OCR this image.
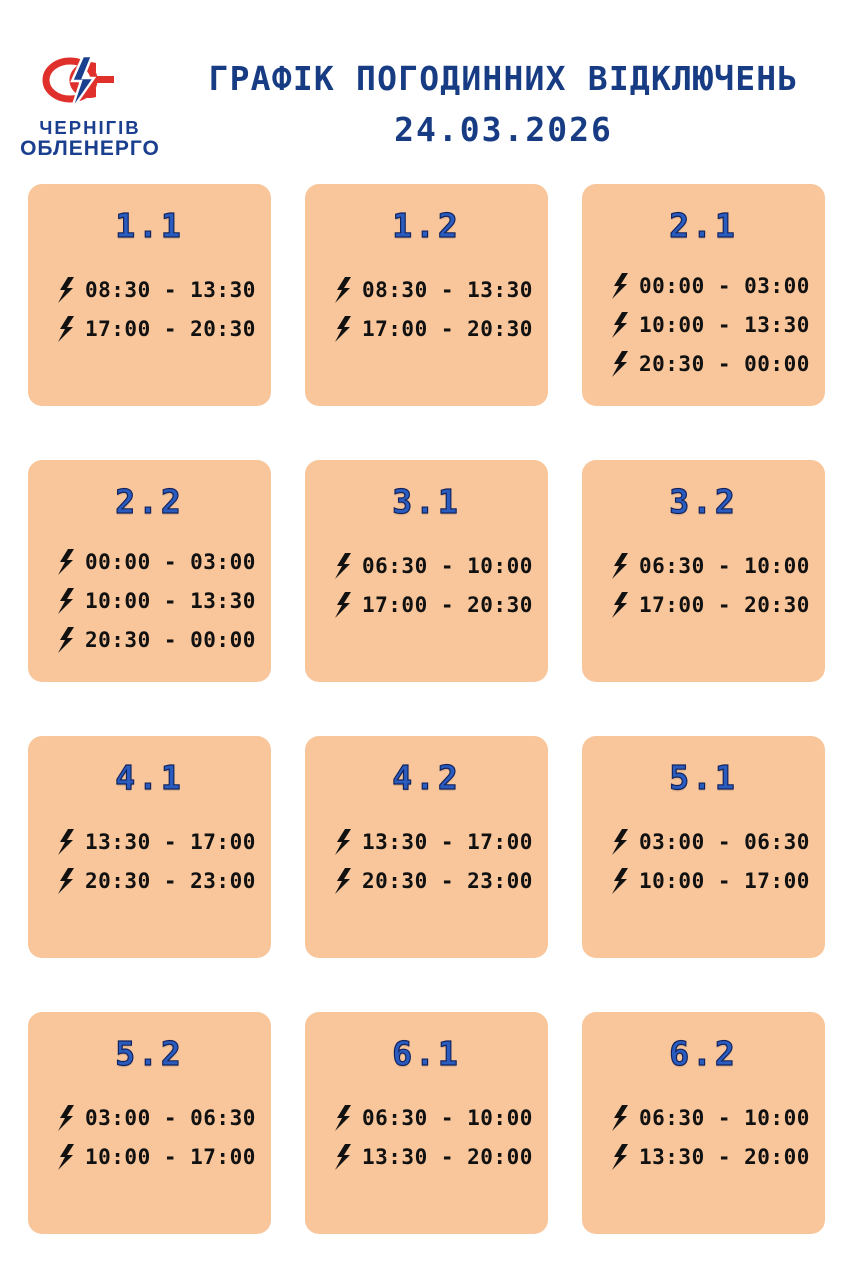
ЧЕРНІГІВ
ОБЛЕНЕРГО
ГРАФІК ПОГОДИННИХ ВІДКЛЮЧЕНЬ
24.03.2026
1.1
08:30 - 13:30
17:00 - 20:30
1.2
08:30 - 13:30
17:00 - 20:30
2.1
00:00 - 03:00
10:00 - 13:30
20:30 - 00:00
2.2
00:00 - 03:00
10:00 - 13:30
20:30 - 00:00
3.1
06:30 - 10:00
17:00 - 20:30
3.2
06:30 - 10:00
17:00 - 20:30
4.1
13:30 - 17:00
20:30 - 23:00
4.2
13:30 - 17:00
20:30 - 23:00
5.1
03:00 - 06:30
10:00 - 17:00
5.2
03:00 - 06:30
10:00 - 17:00
6.1
06:30 - 10:00
13:30 - 20:00
6.2
06:30 - 10:00
13:30 - 20:00
